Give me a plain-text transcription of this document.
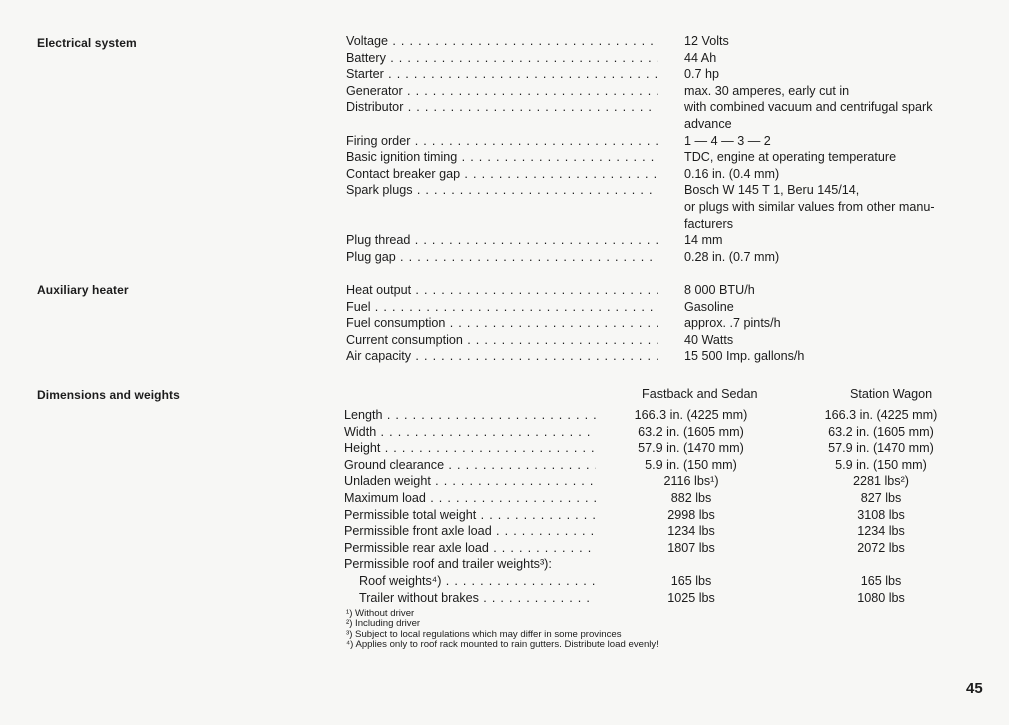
Electrical system	Voltage . . .	12 Volts
Battery . . .	44 Ah
Starter . . .	0.7 hp
Generator . . .	max. 30 amperes, early cut in
Distributor . . .	with combined vacuum and centrifugal spark
advance
Firing order . . .	1 — 4 — 3 — 2
Basic ignition timing . . .	TDC, engine at operating temperature
Contact breaker gap . . .	0.16 in. (0.4 mm)
Spark plugs . . .	Bosch W 145 T 1, Beru 145/14,
or plugs with similar values from other manu-
facturers
Plug thread . . .	14 mm
Plug gap . . .	0.28 in. (0.7 mm)
Auxiliary heater	Heat output . . .	8 000 BTU/h
Fuel . . .	Gasoline
Fuel consumption . . .	approx. .7 pints/h
Current consumption . . .	40 Watts
Air capacity . . .	15 500 Imp. gallons/h
Dimensions and weights	Fastback and Sedan	Station Wagon
Length . . .	166.3 in. (4225 mm)	166.3 in. (4225 mm)
Width . . .	63.2 in. (1605 mm)	63.2 in. (1605 mm)
Height . . .	57.9 in. (1470 mm)	57.9 in. (1470 mm)
Ground clearance . . .	5.9 in. (150 mm)	5.9 in. (150 mm)
Unladen weight . . .	2116 lbs¹)	2281 lbs²)
Maximum load . . .	882 lbs	827 lbs
Permissible total weight . . .	2998 lbs	3108 lbs
Permissible front axle load . . .	1234 lbs	1234 lbs
Permissible rear axle load . . .	1807 lbs	2072 lbs
Permissible roof and trailer weights³):
Roof weights⁴) . . .	165 lbs	165 lbs
Trailer without brakes . . .	1025 lbs	1080 lbs
¹) Without driver
²) Including driver
³) Subject to local regulations which may differ in some provinces
⁴) Applies only to roof rack mounted to rain gutters. Distribute load evenly!
45
